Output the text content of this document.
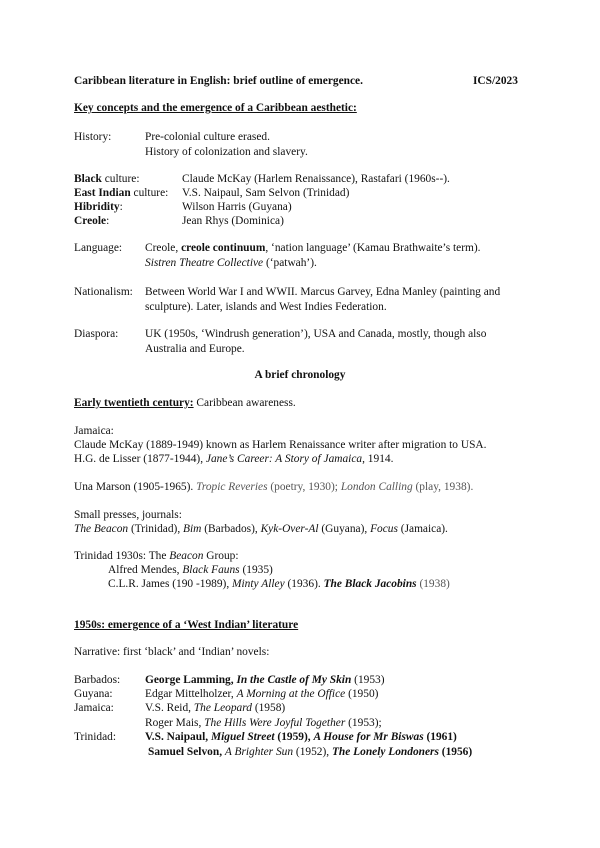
Caribbean literature in English: brief outline of emergence.	ICS/2023
Key concepts and the emergence of a Caribbean aesthetic:
History:	Pre-colonial culture erased.
History of colonization and slavery.
Black culture:	Claude McKay (Harlem Renaissance), Rastafari (1960s--).
East Indian culture: V.S. Naipaul, Sam Selvon (Trinidad)
Hibridity:	Wilson Harris (Guyana)
Creole:	Jean Rhys (Dominica)
Language: Creole, creole continuum, ‘nation language’ (Kamau Brathwaite’s term).
Sistren Theatre Collective (‘patwah’).
Nationalism: Between World War I and WWII. Marcus Garvey, Edna Manley (painting and
sculpture). Later, islands and West Indies Federation.
Diaspora: UK (1950s, ‘Windrush generation’), USA and Canada, mostly, though also
Australia and Europe.
A brief chronology
Early twentieth century: Caribbean awareness.
Jamaica:
Claude McKay (1889-1949) known as Harlem Renaissance writer after migration to USA.
H.G. de Lisser (1877-1944), Jane’s Career: A Story of Jamaica, 1914.
Una Marson (1905-1965). Tropic Reveries (poetry, 1930); London Calling (play, 1938).
Small presses, journals:
The Beacon (Trinidad), Bim (Barbados), Kyk-Over-Al (Guyana), Focus (Jamaica).
Trinidad 1930s: The Beacon Group:
Alfred Mendes, Black Fauns (1935)
C.L.R. James (190 -1989), Minty Alley (1936). The Black Jacobins (1938)
1950s: emergence of a ‘West Indian’ literature
Narrative: first ‘black’ and ‘Indian’ novels:
Barbados: George Lamming, In the Castle of My Skin (1953)
Guyana:	Edgar Mittelholzer, A Morning at the Office (1950)
Jamaica:	V.S. Reid, The Leopard (1958)
Roger Mais, The Hills Were Joyful Together (1953);
Trinidad:	V.S. Naipaul, Miguel Street (1959), A House for Mr Biswas (1961)
Samuel Selvon, A Brighter Sun (1952), The Lonely Londoners (1956)
